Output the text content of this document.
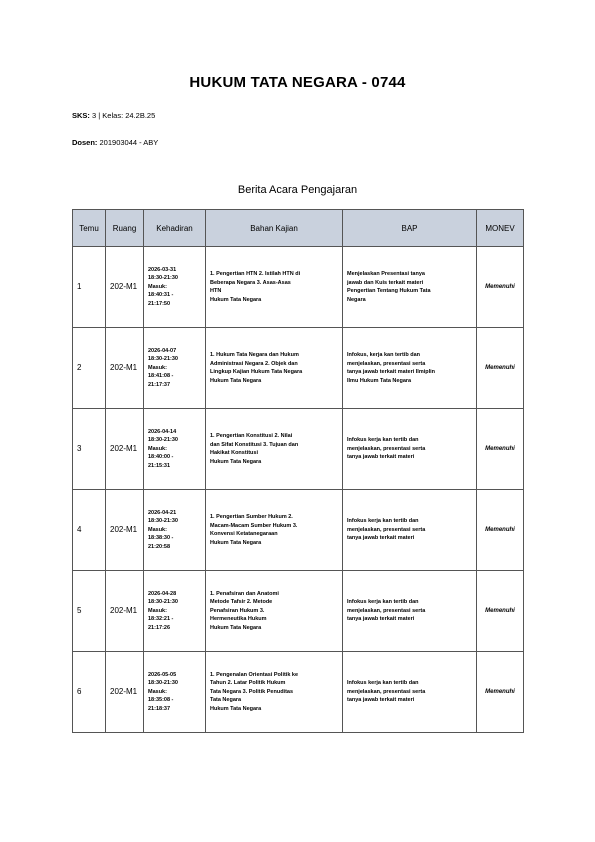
HUKUM TATA NEGARA - 0744
SKS: 3 | Kelas: 24.2B.25
Dosen: 201903044 - ABY
Berita Acara Pengajaran
Temu	Ruang	Kehadiran	Bahan Kajian	BAP	MONEV
1	202-M1	2026-03-31
18:30-21:30
Masuk:
18:40:31 -
21:17:50	1. Pengertian HTN 2. Istilah HTN di
Beberapa Negara 3. Asas-Asas
HTN
Hukum Tata Negara	Menjelaskan Presentasi tanya
jawab dan Kuis terkait materi
Pengertian Tentang Hukum Tata
Negara	Memenuhi
2	202-M1	2026-04-07
18:30-21:30
Masuk:
18:41:08 -
21:17:37	1. Hukum Tata Negara dan Hukum
Administrasi Negara 2. Objek dan
Lingkup Kajian Hukum Tata Negara
Hukum Tata Negara	Infokus, kerja kan tertib dan
menjelaskan, presentasi serta
tanya jawab terkait materi Ilmiplin
Ilmu Hukum Tata Negara	Memenuhi
3	202-M1	2026-04-14
18:30-21:30
Masuk:
18:40:00 -
21:15:31	1. Pengertian Konstitusi 2. Nilai
dan Sifat Konstitusi 3. Tujuan dan
Hakikat Konstitusi
Hukum Tata Negara	Infokus kerja kan tertib dan
menjelaskan, presentasi serta
tanya jawab terkait materi	Memenuhi
4	202-M1	2026-04-21
18:30-21:30
Masuk:
18:38:30 -
21:20:58	1. Pengertian Sumber Hukum 2.
Macam-Macam Sumber Hukum 3.
Konvensi Ketatanegaraan
Hukum Tata Negara	Infokus kerja kan tertib dan
menjelaskan, presentasi serta
tanya jawab terkait materi	Memenuhi
5	202-M1	2026-04-28
18:30-21:30
Masuk:
18:32:21 -
21:17:26	1. Penafsiran dan Anatomi
Metode Tafsir 2. Metode
Penafsiran Hukum 3.
Hermeneutika Hukum
Hukum Tata Negara	Infokus kerja kan tertib dan
menjelaskan, presentasi serta
tanya jawab terkait materi	Memenuhi
6	202-M1	2026-05-05
18:30-21:30
Masuk:
18:35:08 -
21:18:37	1. Pengenalan Orientasi Politik ke
Tahun 2. Latar Politik Hukum
Tata Negara 3. Politik Penuditas
Tata Negara
Hukum Tata Negara	Infokus kerja kan tertib dan
menjelaskan, presentasi serta
tanya jawab terkait materi	Memenuhi
